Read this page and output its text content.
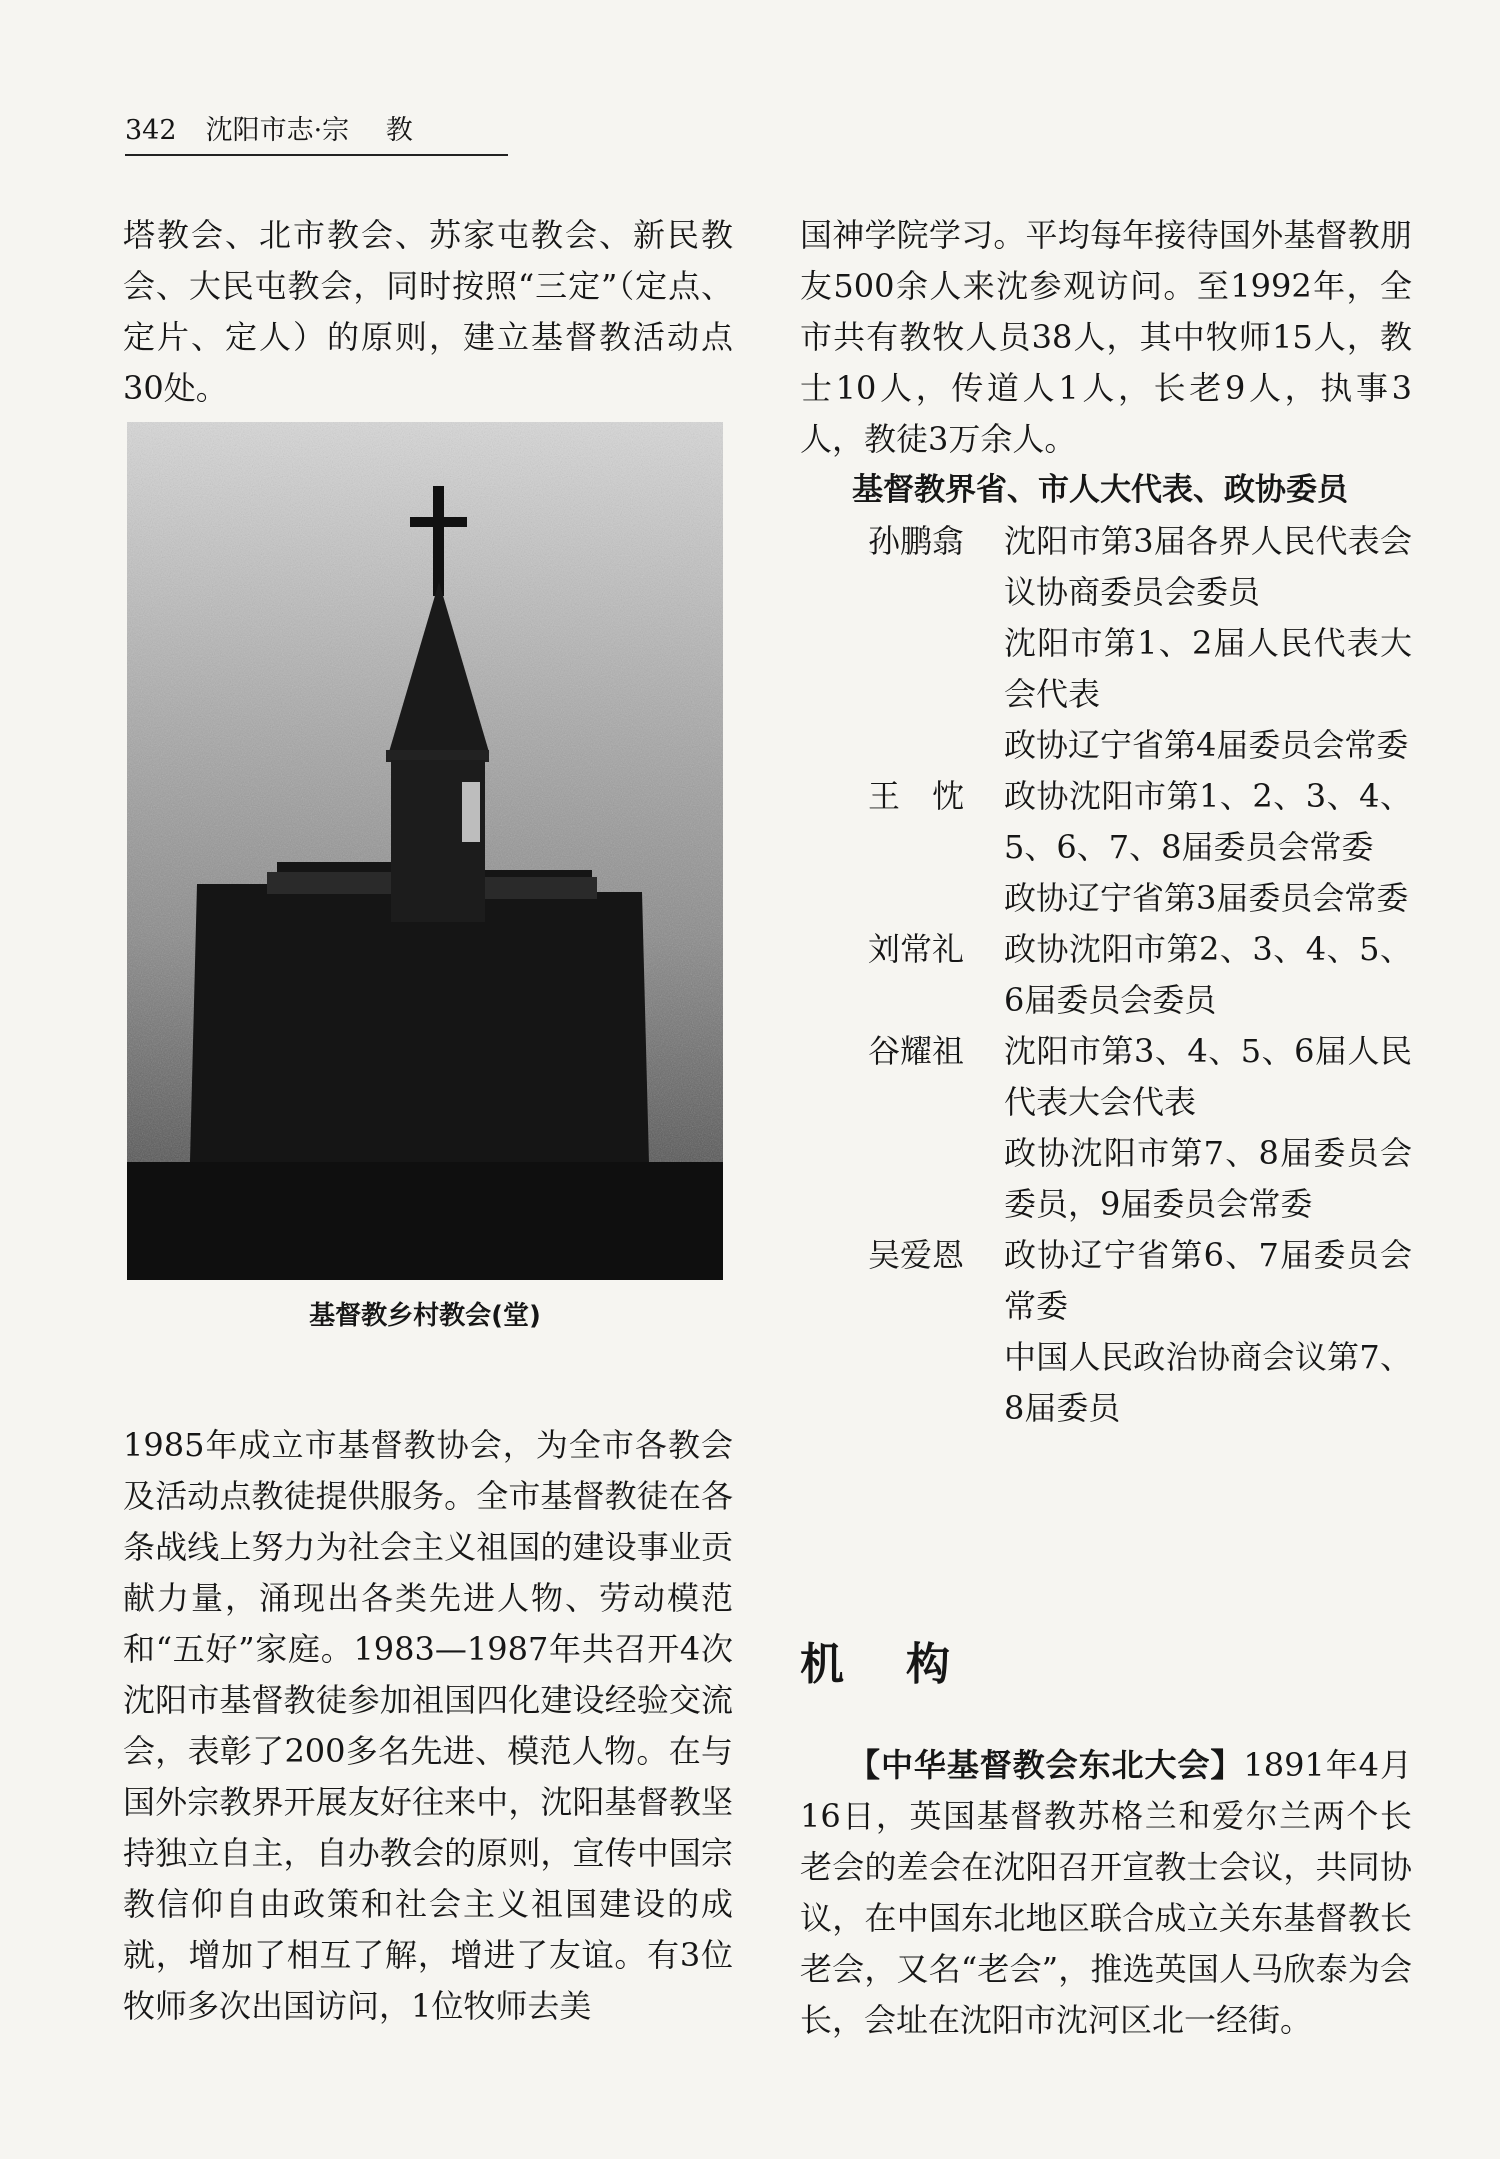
342 沈阳市志·宗 教

塔教会、北市教会、苏家屯教会、新民教会、大民屯教会，同时按照“三定”（定点、定片、定人）的原则，建立基督教活动点30处。

基督教乡村教会(堂)

1985年成立市基督教协会，为全市各教会及活动点教徒提供服务。全市基督教徒在各条战线上努力为社会主义祖国的建设事业贡献力量，涌现出各类先进人物、劳动模范和“五好”家庭。1983—1987年共召开4次沈阳市基督教徒参加祖国四化建设经验交流会，表彰了200多名先进、模范人物。在与国外宗教界开展友好往来中，沈阳基督教坚持独立自主，自办教会的原则，宣传中国宗教信仰自由政策和社会主义祖国建设的成就，增加了相互了解，增进了友谊。有3位牧师多次出国访问，1位牧师去美

国神学院学习。平均每年接待国外基督教朋友500余人来沈参观访问。至1992年，全市共有教牧人员38人，其中牧师15人，教士10人，传道人1人，长老9人，执事3人，教徒3万余人。

基督教界省、市人大代表、政协委员
孙鹏翕	沈阳市第3届各界人民代表会议协商委员会委员
沈阳市第1、2届人民代表大会代表
政协辽宁省第4届委员会常委
王　忱	政协沈阳市第1、2、3、4、5、6、7、8届委员会常委
政协辽宁省第3届委员会常委
刘常礼	政协沈阳市第2、3、4、5、6届委员会委员
谷耀祖	沈阳市第3、4、5、6届人民代表大会代表
政协沈阳市第7、8届委员会委员，9届委员会常委
吴爱恩	政协辽宁省第6、7届委员会常委
中国人民政治协商会议第7、8届委员
机构

【中华基督教会东北大会】1891年4月16日，英国基督教苏格兰和爱尔兰两个长老会的差会在沈阳召开宣教士会议，共同协议，在中国东北地区联合成立关东基督教长老会，又名“老会”，推选英国人马欣泰为会长，会址在沈阳市沈河区北一经街。
